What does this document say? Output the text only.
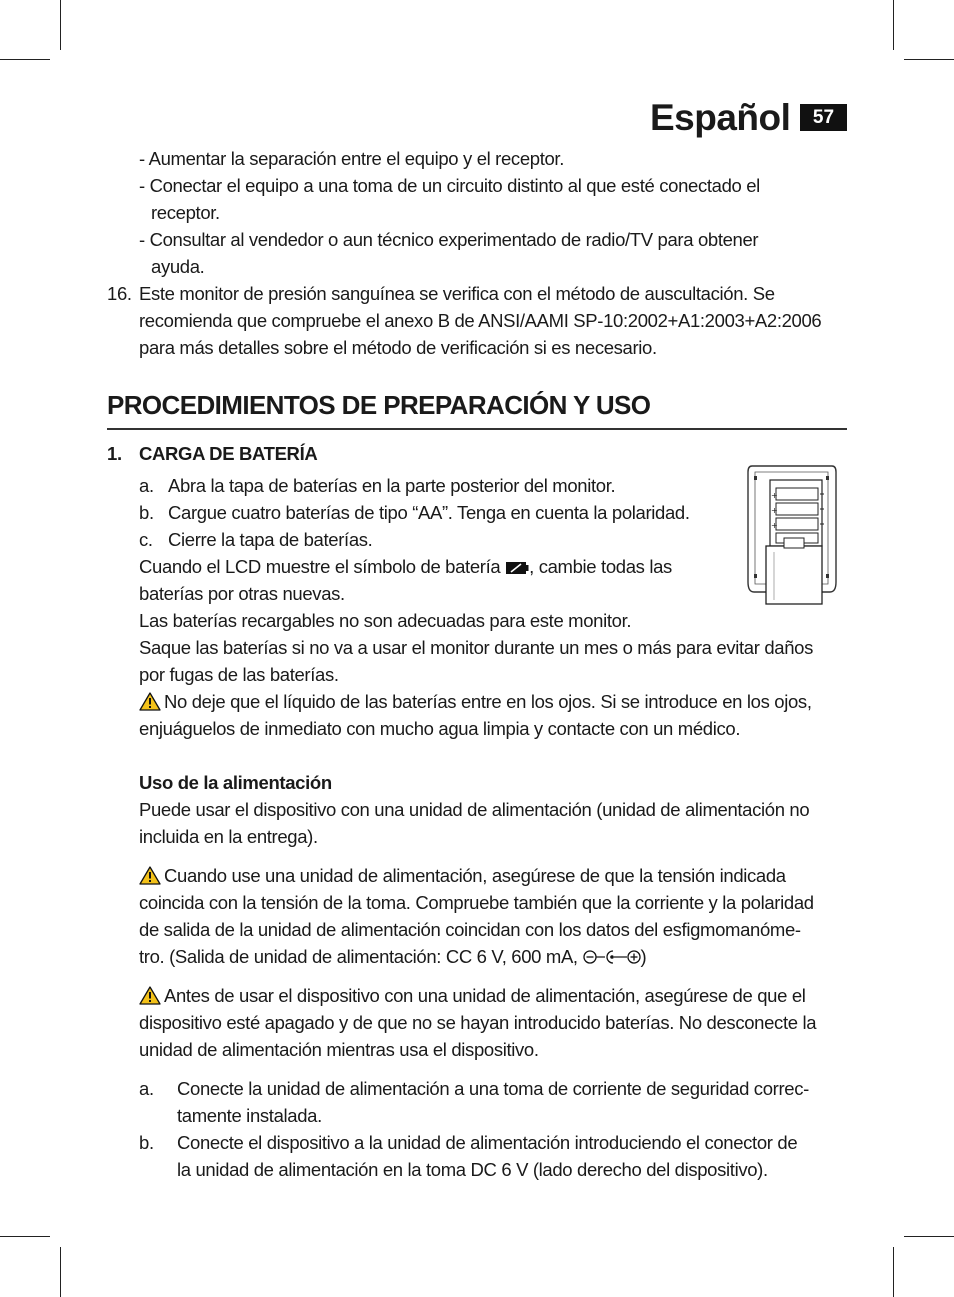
Español	57
- Aumentar la separación entre el equipo y el receptor.
- Conectar el equipo a una toma de un circuito distinto al que esté conectado el
receptor.
- Consultar al vendedor o aun técnico experimentado de radio/TV para obtener
ayuda.
16. Este monitor de presión sanguínea se verifica con el método de auscultación. Se
recomienda que compruebe el anexo B de ANSI/AAMI SP-10:2002+A1:2003+A2:2006
para más detalles sobre el método de verificación si es necesario.
PROCEDIMIENTOS DE PREPARACIÓN Y USO
1. CARGA DE BATERÍA
a. Abra la tapa de baterías en la parte posterior del monitor.
b. Cargue cuatro baterías de tipo “AA”. Tenga en cuenta la polaridad.
c. Cierre la tapa de baterías.
Cuando el LCD muestre el símbolo de batería , cambie todas las
baterías por otras nuevas.
Las baterías recargables no son adecuadas para este monitor.
Saque las baterías si no va a usar el monitor durante un mes o más para evitar daños
por fugas de las baterías.
No deje que el líquido de las baterías entre en los ojos. Si se introduce en los ojos,
enjuáguelos de inmediato con mucho agua limpia y contacte con un médico.
+
+
+
Uso de la alimentación
Puede usar el dispositivo con una unidad de alimentación (unidad de alimentación no
incluida en la entrega).
Cuando use una unidad de alimentación, asegúrese de que la tensión indicada
coincida con la tensión de la toma. Compruebe también que la corriente y la polaridad
de salida de la unidad de alimentación coincidan con los datos del esfigmomanóme-
tro. (Salida de unidad de alimentación: CC 6 V, 600 mA,	)
Antes de usar el dispositivo con una unidad de alimentación, asegúrese de que el
dispositivo esté apagado y de que no se hayan introducido baterías. No desconecte la
unidad de alimentación mientras usa el dispositivo.
a. Conecte la unidad de alimentación a una toma de corriente de seguridad correc-
tamente instalada.
b. Conecte el dispositivo a la unidad de alimentación introduciendo el conector de
la unidad de alimentación en la toma DC 6 V (lado derecho del dispositivo).
